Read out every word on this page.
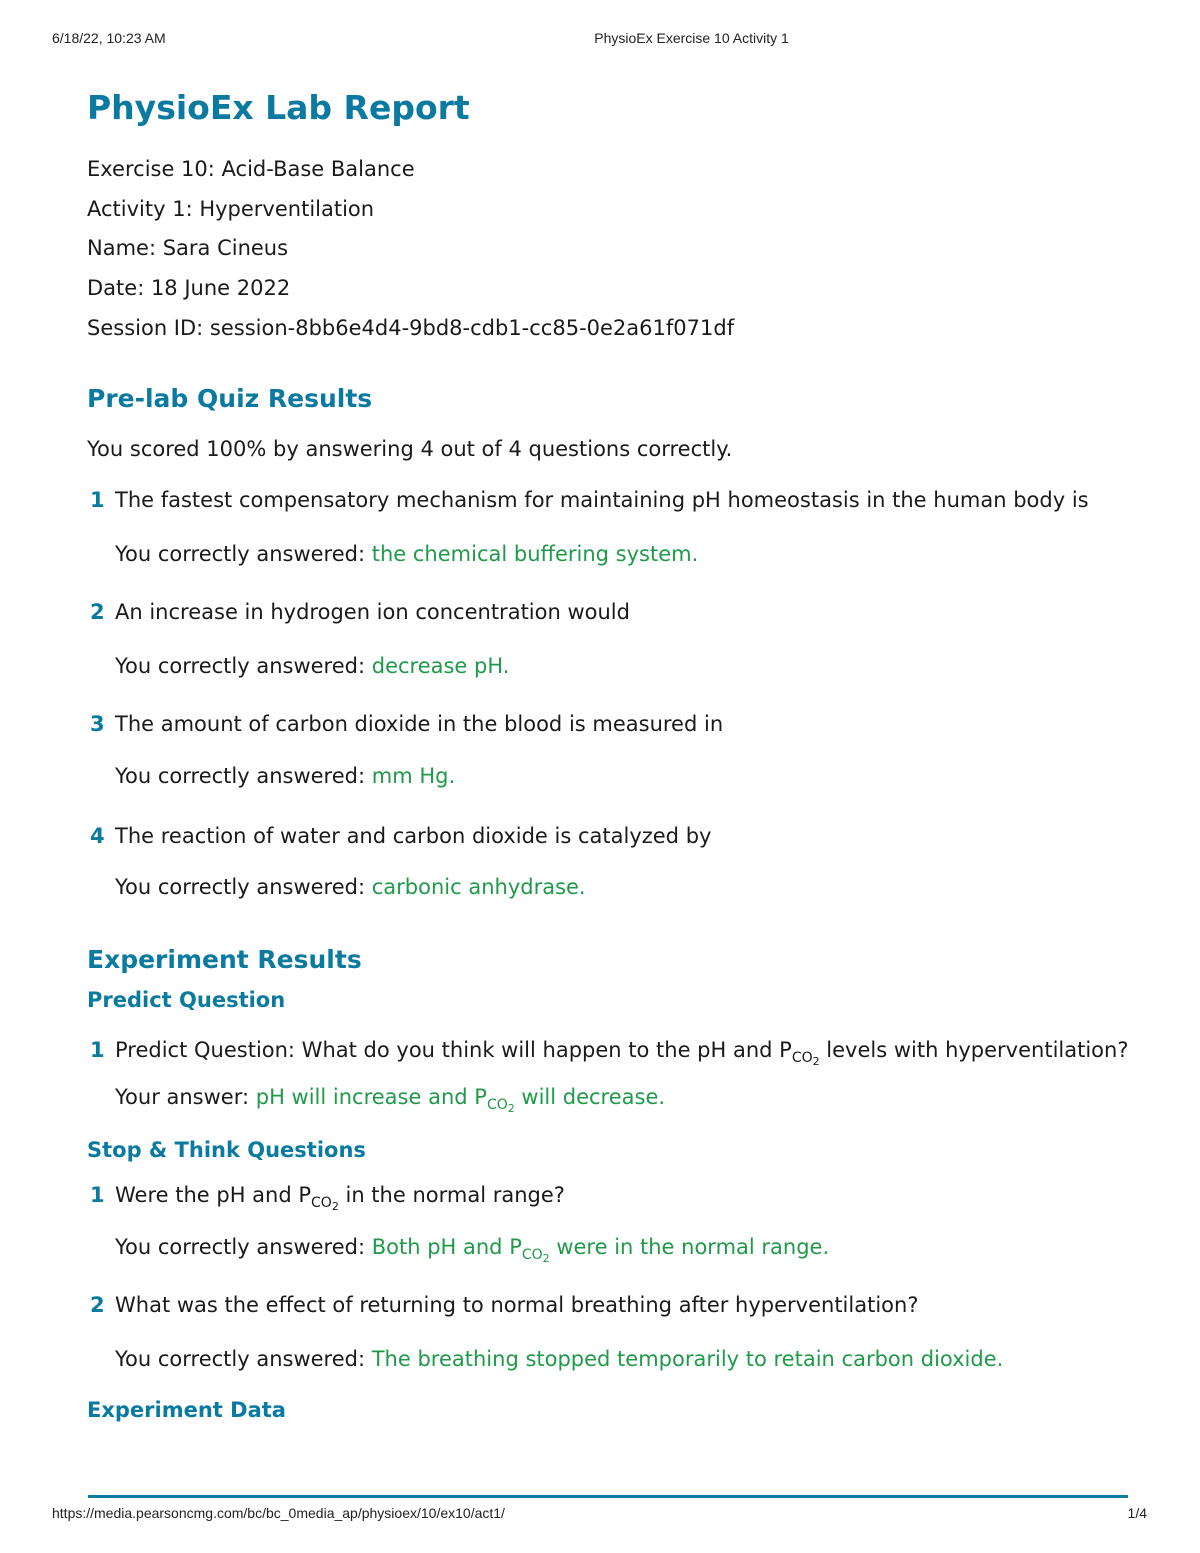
6/18/22, 10:23 AM	PhysioEx Exercise 10 Activity 1
PhysioEx Lab Report
Exercise 10: Acid-Base Balance
Activity 1: Hyperventilation
Name: Sara Cineus
Date: 18 June 2022
Session ID: session-8bb6e4d4-9bd8-cdb1-cc85-0e2a61f071df
Pre-lab Quiz Results
You scored 100% by answering 4 out of 4 questions correctly.
1 The fastest compensatory mechanism for maintaining pH homeostasis in the human body is
You correctly answered: the chemical buffering system.
2 An increase in hydrogen ion concentration would
You correctly answered: decrease pH.
3 The amount of carbon dioxide in the blood is measured in
You correctly answered: mm Hg.
4 The reaction of water and carbon dioxide is catalyzed by
You correctly answered: carbonic anhydrase.
Experiment Results
Predict Question
1 Predict Question: What do you think will happen to the pH and $P_{CO2}$ levels with hyperventilation?
Your answer: pH will increase and $P_{CO2}$ will decrease.
Stop & Think Questions
1 Were the pH and $P_{CO2}$ in the normal range?
You correctly answered: Both pH and $P_{CO2}$ were in the normal range.
2 What was the effect of returning to normal breathing after hyperventilation?
You correctly answered: The breathing stopped temporarily to retain carbon dioxide.
Experiment Data
https://media.pearsoncmg.com/bc/bc_0media_ap/physioex/10/ex10/act1/	1/4
